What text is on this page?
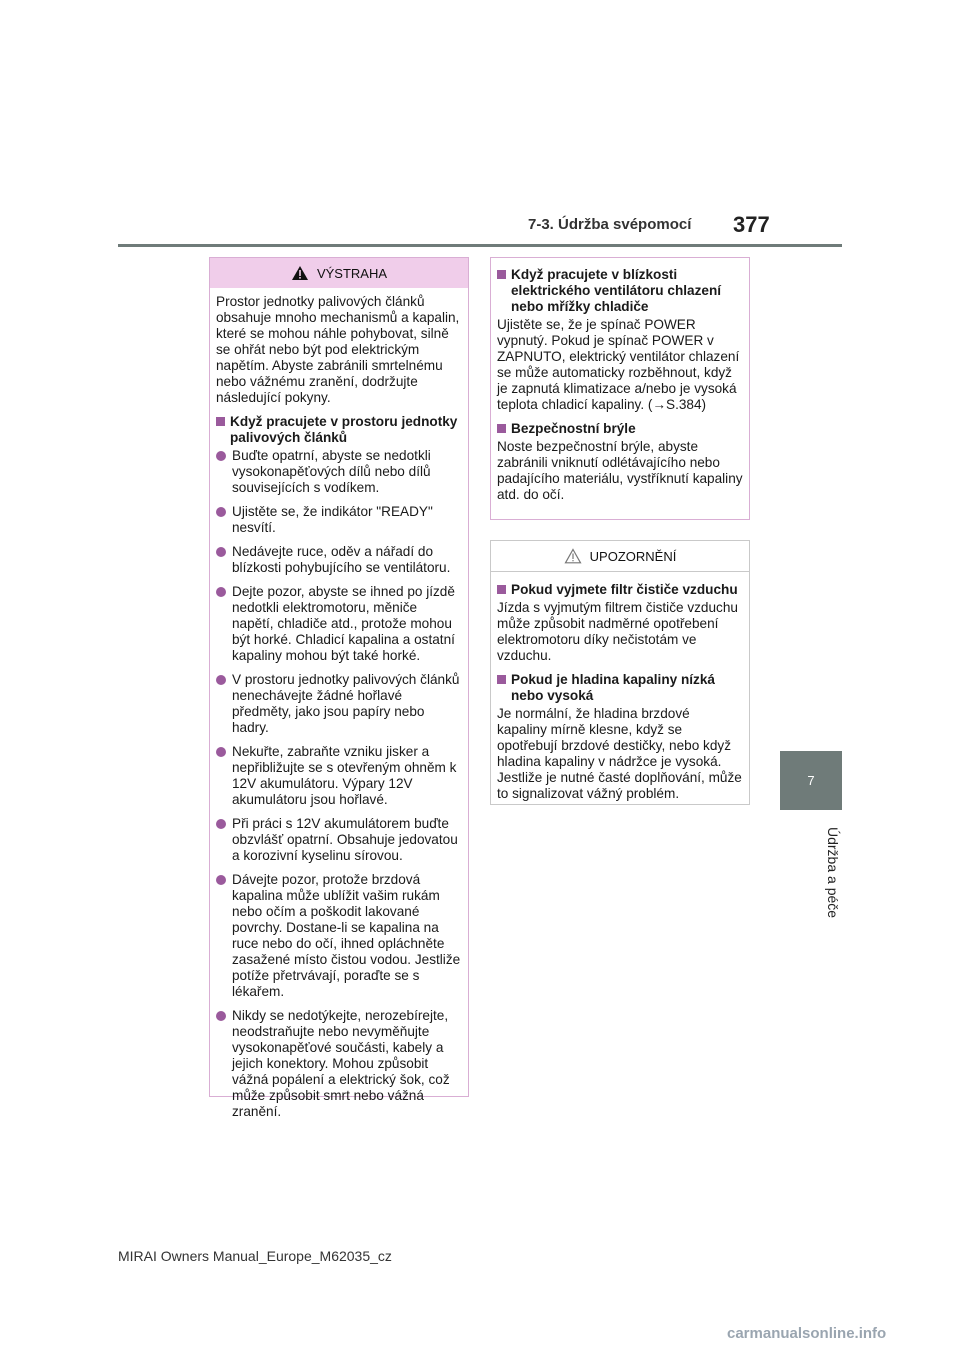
7-3. Údržba svépomocí 377
7
Údržba a péče
VÝSTRAHA

Prostor jednotky palivových článků obsahuje mnoho mechanismů a kapalin, které se mohou náhle pohybovat, silně se ohřát nebo být pod elektrickým napětím. Abyste zabránili smrtelnému nebo vážnému zranění, dodržujte následující pokyny.

Když pracujete v prostoru jednotky palivových článků
Buďte opatrní, abyste se nedotkli vysokonapěťových dílů nebo dílů souvisejících s vodíkem.
Ujistěte se, že indikátor "READY" nesvítí.
Nedávejte ruce, oděv a nářadí do blízkosti pohybujícího se ventilátoru.
Dejte pozor, abyste se ihned po jízdě nedotkli elektromotoru, měniče napětí, chladiče atd., protože mohou být horké. Chladicí kapalina a ostatní kapaliny mohou být také horké.
V prostoru jednotky palivových článků nenechávejte žádné hořlavé předměty, jako jsou papíry nebo hadry.
Nekuřte, zabraňte vzniku jisker a nepřibližujte se s otevřeným ohněm k 12V akumulátoru. Výpary 12V akumulátoru jsou hořlavé.
Při práci s 12V akumulátorem buďte obzvlášť opatrní. Obsahuje jedovatou a korozivní kyselinu sírovou.
Dávejte pozor, protože brzdová kapalina může ublížit vašim rukám nebo očím a poškodit lakované povrchy. Dostane-li se kapalina na ruce nebo do očí, ihned opláchněte zasažené místo čistou vodou. Jestliže potíže přetrvávají, poraďte se s lékařem.
Nikdy se nedotýkejte, nerozebírejte, neodstraňujte nebo nevyměňujte vysokonapěťové součásti, kabely a jejich konektory. Mohou způsobit vážná popálení a elektrický šok, což může způsobit smrt nebo vážná zranění.
Když pracujete v blízkosti elektrického ventilátoru chlazení nebo mřížky chladiče

Ujistěte se, že je spínač POWER vypnutý. Pokud je spínač POWER v ZAPNUTO, elektrický ventilátor chlazení se může automaticky rozběhnout, když je zapnutá klimatizace a/nebo je vysoká teplota chladicí kapaliny. (→S.384)

Bezpečnostní brýle

Noste bezpečnostní brýle, abyste zabránili vniknutí odlétávajícího nebo padajícího materiálu, vystříknutí kapaliny atd. do očí.

UPOZORNĚNÍ
Pokud vyjmete filtr čističe vzduchu

Jízda s vyjmutým filtrem čističe vzduchu může způsobit nadměrné opotřebení elektromotoru díky nečistotám ve vzduchu.

Pokud je hladina kapaliny nízká nebo vysoká

Je normální, že hladina brzdové kapaliny mírně klesne, když se opotřebují brzdové destičky, nebo když hladina kapaliny v nádržce je vysoká. Jestliže je nutné časté doplňování, může to signalizovat vážný problém.

MIRAI Owners Manual_Europe_M62035_cz
carmanualsonline.info
